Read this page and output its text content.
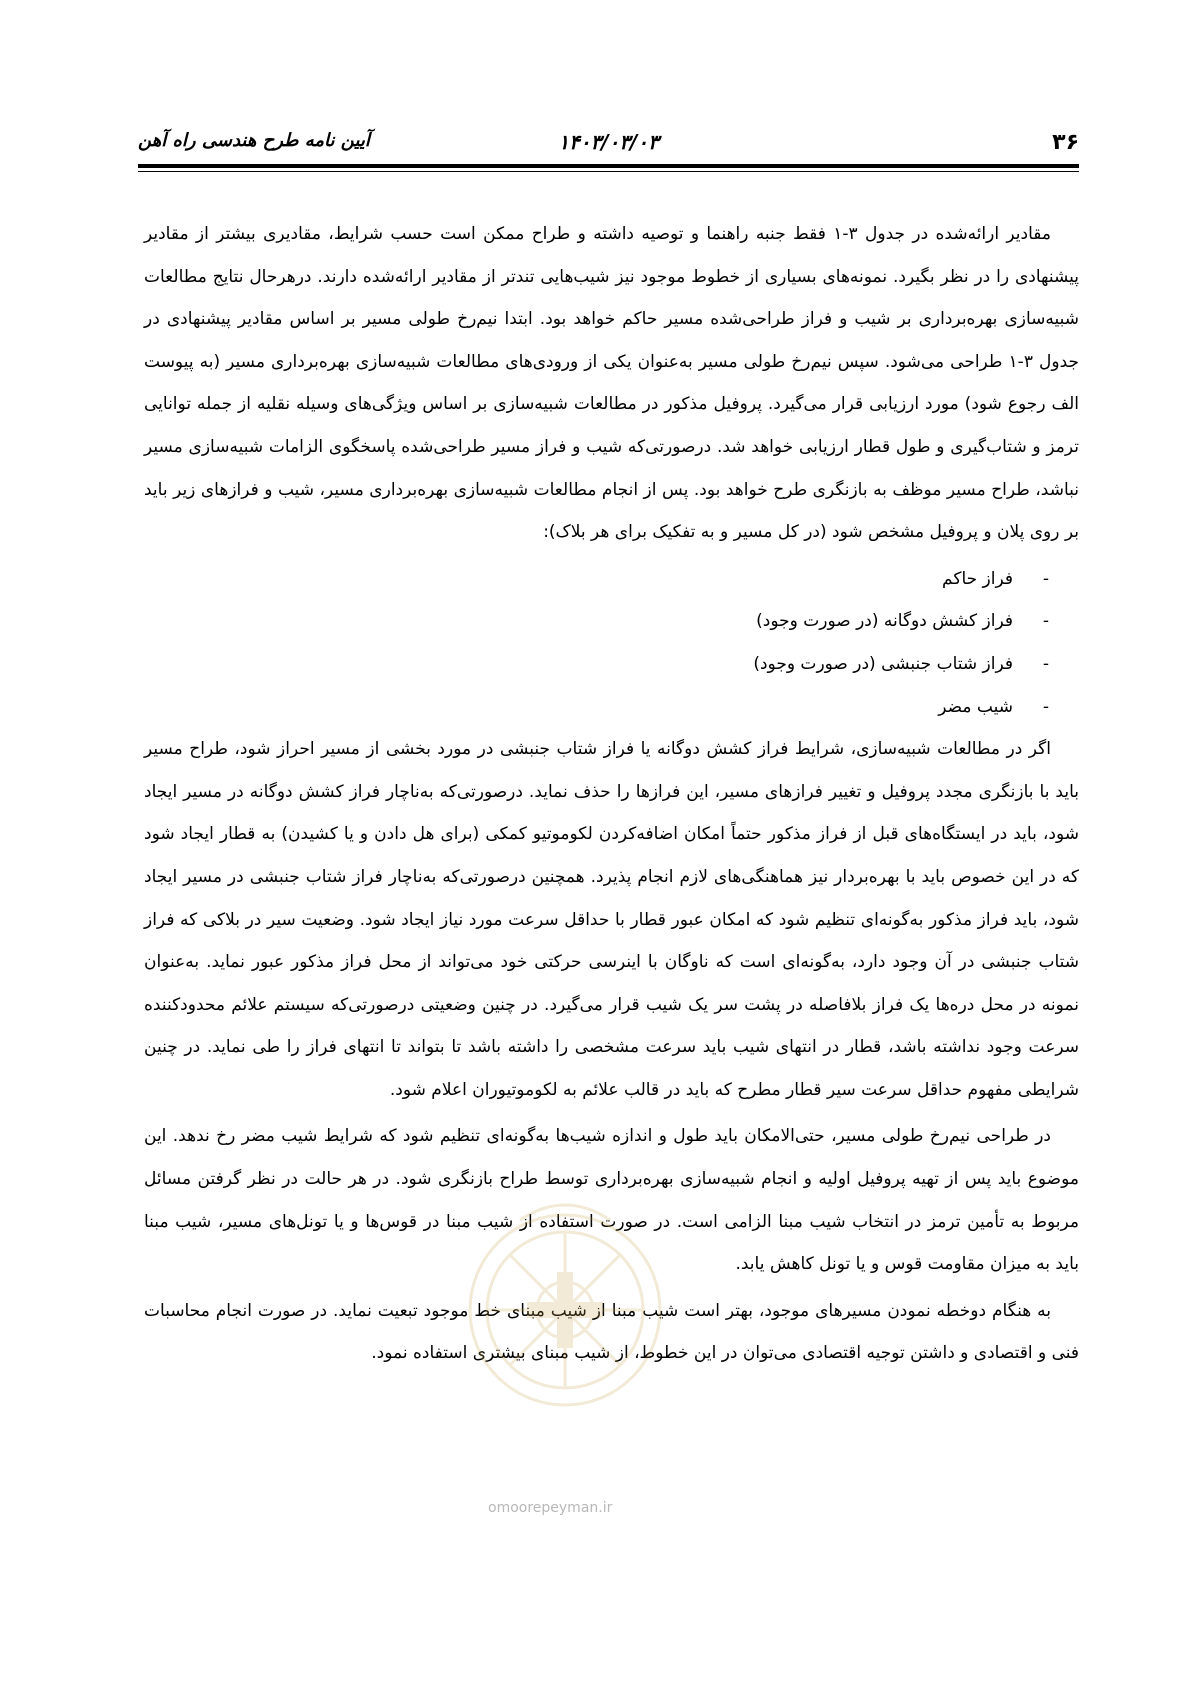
۳۶
۱۴۰۳/۰۳/۰۳
آیین نامه طرح هندسی راه آهن

مقادیر ارائه‌شده در جدول ۳-۱ فقط جنبه راهنما و توصیه داشته و طراح ممکن است حسب شرایط، مقادیری بیشتر از مقادیر پیشنهادی را در نظر بگیرد. نمونه‌های بسیاری از خطوط موجود نیز شیب‌هایی تندتر از مقادیر ارائه‌شده دارند. درهرحال نتایج مطالعات شبیه‌سازی بهره‌برداری بر شیب و فراز طراحی‌شده مسیر حاکم خواهد بود. ابتدا نیم‌رخ طولی مسیر بر اساس مقادیر پیشنهادی در جدول ۳-۱ طراحی می‌شود. سپس نیم‌رخ طولی مسیر به‌عنوان یکی از ورودی‌های مطالعات شبیه‌سازی بهره‌برداری مسیر (به پیوست الف رجوع شود) مورد ارزیابی قرار می‌گیرد. پروفیل مذکور در مطالعات شبیه‌سازی بر اساس ویژگی‌های وسیله نقلیه از جمله توانایی ترمز و شتاب‌گیری و طول قطار ارزیابی خواهد شد. درصورتی‌که شیب و فراز مسیر طراحی‌شده پاسخگوی الزامات شبیه‌سازی مسیر نباشد، طراح مسیر موظف به بازنگری طرح خواهد بود. پس از انجام مطالعات شبیه‌سازی بهره‌برداری مسیر، شیب و فرازهای زیر باید بر روی پلان و پروفیل مشخص شود (در کل مسیر و به تفکیک برای هر بلاک):

-
فراز حاکم
-
فراز کشش دوگانه (در صورت وجود)
-
فراز شتاب جنبشی (در صورت وجود)
-
شیب مضر

اگر در مطالعات شبیه‌سازی، شرایط فراز کشش دوگانه یا فراز شتاب جنبشی در مورد بخشی از مسیر احراز شود، طراح مسیر باید با بازنگری مجدد پروفیل و تغییر فرازهای مسیر، این فرازها را حذف نماید. درصورتی‌که به‌ناچار فراز کشش دوگانه در مسیر ایجاد شود، باید در ایستگاه‌های قبل از فراز مذکور حتماً امکان اضافه‌کردن لکوموتیو کمکی (برای هل دادن و یا کشیدن) به قطار ایجاد شود که در این خصوص باید با بهره‌بردار نیز هماهنگی‌های لازم انجام پذیرد. همچنین درصورتی‌که به‌ناچار فراز شتاب جنبشی در مسیر ایجاد شود، باید فراز مذکور به‌گونه‌ای تنظیم شود که امکان عبور قطار با حداقل سرعت مورد نیاز ایجاد شود. وضعیت سیر در بلاکی که فراز شتاب جنبشی در آن وجود دارد، به‌گونه‌ای است که ناوگان با اینرسی حرکتی خود می‌تواند از محل فراز مذکور عبور نماید. به‌عنوان نمونه در محل دره‌ها یک فراز بلافاصله در پشت سر یک شیب قرار می‌گیرد. در چنین وضعیتی درصورتی‌که سیستم علائم محدودکننده سرعت وجود نداشته باشد، قطار در انتهای شیب باید سرعت مشخصی را داشته باشد تا بتواند تا انتهای فراز را طی نماید. در چنین شرایطی مفهوم حداقل سرعت سیر قطار مطرح که باید در قالب علائم به لکوموتیوران اعلام شود.

در طراحی نیم‌رخ طولی مسیر، حتی‌الامکان باید طول و اندازه شیب‌ها به‌گونه‌ای تنظیم شود که شرایط شیب مضر رخ ندهد. این موضوع باید پس از تهیه پروفیل اولیه و انجام شبیه‌سازی بهره‌برداری توسط طراح بازنگری شود. در هر حالت در نظر گرفتن مسائل مربوط به تأمین ترمز در انتخاب شیب مبنا الزامی است. در صورت استفاده از شیب مبنا در قوس‌ها و یا تونل‌های مسیر، شیب مبنا باید به میزان مقاومت قوس و یا تونل کاهش یابد.

به هنگام دوخطه نمودن مسیرهای موجود، بهتر است شیب مبنا از شیب مبنای خط موجود تبعیت نماید. در صورت انجام محاسبات فنی و اقتصادی و داشتن توجیه اقتصادی می‌توان در این خطوط، از شیب مبنای بیشتری استفاده نمود.

omoorepeyman.ir
